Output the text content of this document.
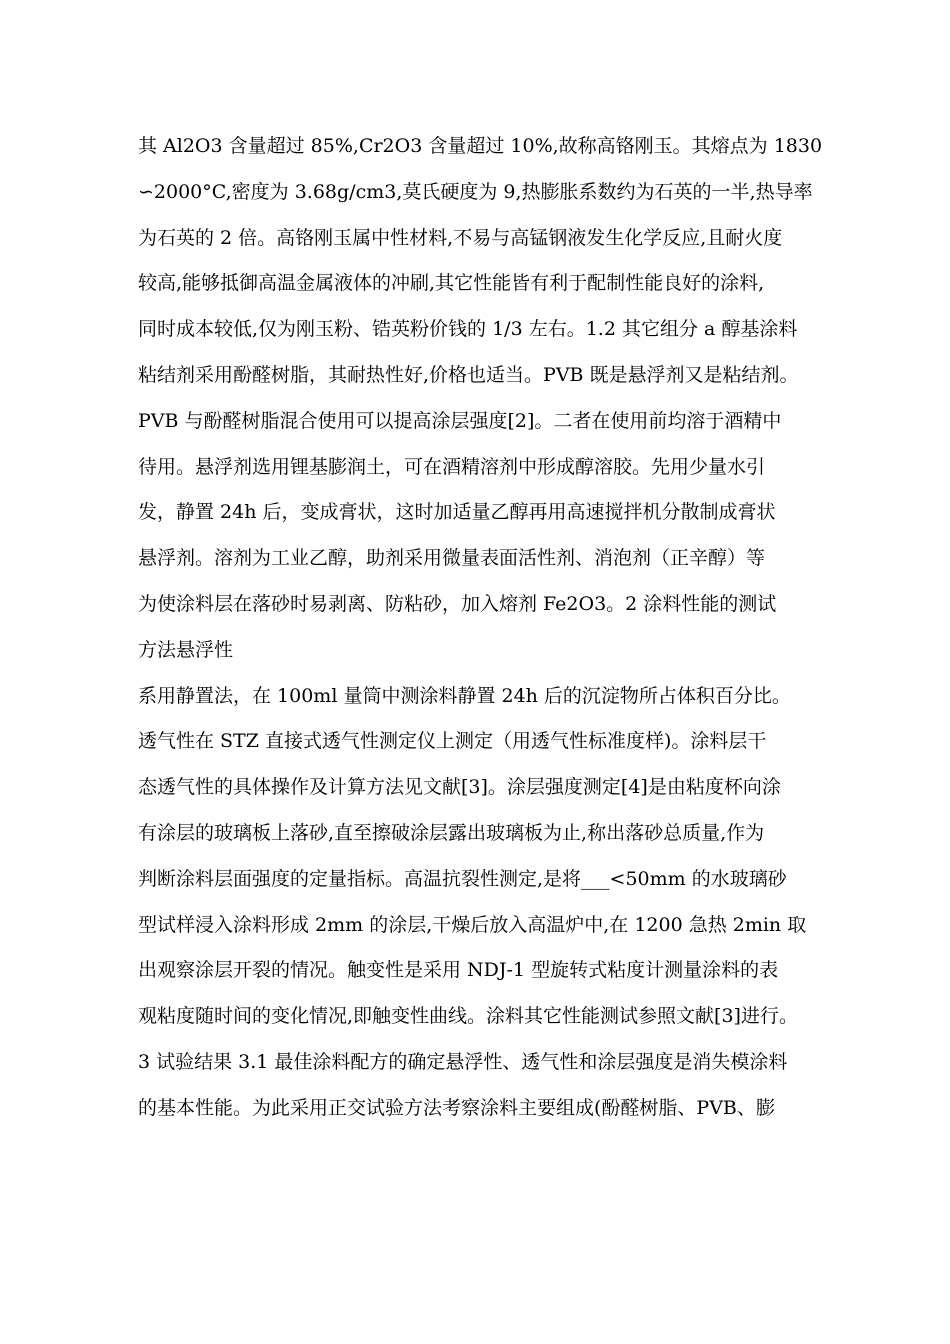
其 Al2O3 含量超过 85%,Cr2O3 含量超过 10%,故称高铬刚玉。其熔点为 1830
∽2000°C,密度为 3.68g/cm3,莫氏硬度为 9,热膨胀系数约为石英的一半,热导率
为石英的 2 倍。高铬刚玉属中性材料,不易与高锰钢液发生化学反应,且耐火度
较高,能够抵御高温金属液体的冲刷,其它性能皆有利于配制性能良好的涂料,
同时成本较低,仅为刚玉粉、锆英粉价钱的 1/3 左右。1.2 其它组分 a 醇基涂料
粘结剂采用酚醛树脂，其耐热性好,价格也适当。PVB 既是悬浮剂又是粘结剂。
PVB 与酚醛树脂混合使用可以提高涂层强度[2]。二者在使用前均溶于酒精中
待用。悬浮剂选用锂基膨润土，可在酒精溶剂中形成醇溶胶。先用少量水引
发，静置 24h 后，变成膏状，这时加适量乙醇再用高速搅拌机分散制成膏状
悬浮剂。溶剂为工业乙醇，助剂采用微量表面活性剂、消泡剂（正辛醇）等
为使涂料层在落砂时易剥离、防粘砂，加入熔剂 Fe2O3。2 涂料性能的测试
方法悬浮性
系用静置法，在 100ml 量筒中测涂料静置 24h 后的沉淀物所占体积百分比。
透气性在 STZ 直接式透气性测定仪上测定（用透气性标准度样)。涂料层干
态透气性的具体操作及计算方法见文献[3]。涂层强度测定[4]是由粘度杯向涂
有涂层的玻璃板上落砂,直至擦破涂层露出玻璃板为止,称出落砂总质量,作为
判断涂料层面强度的定量指标。高温抗裂性测定,是将___<50mm 的水玻璃砂
型试样浸入涂料形成 2mm 的涂层,干燥后放入高温炉中,在 1200 急热 2min 取
出观察涂层开裂的情况。触变性是采用 NDJ-1 型旋转式粘度计测量涂料的表
观粘度随时间的变化情况,即触变性曲线。涂料其它性能测试参照文献[3]进行。
3 试验结果 3.1 最佳涂料配方的确定悬浮性、透气性和涂层强度是消失模涂料
的基本性能。为此采用正交试验方法考察涂料主要组成(酚醛树脂、PVB、膨
